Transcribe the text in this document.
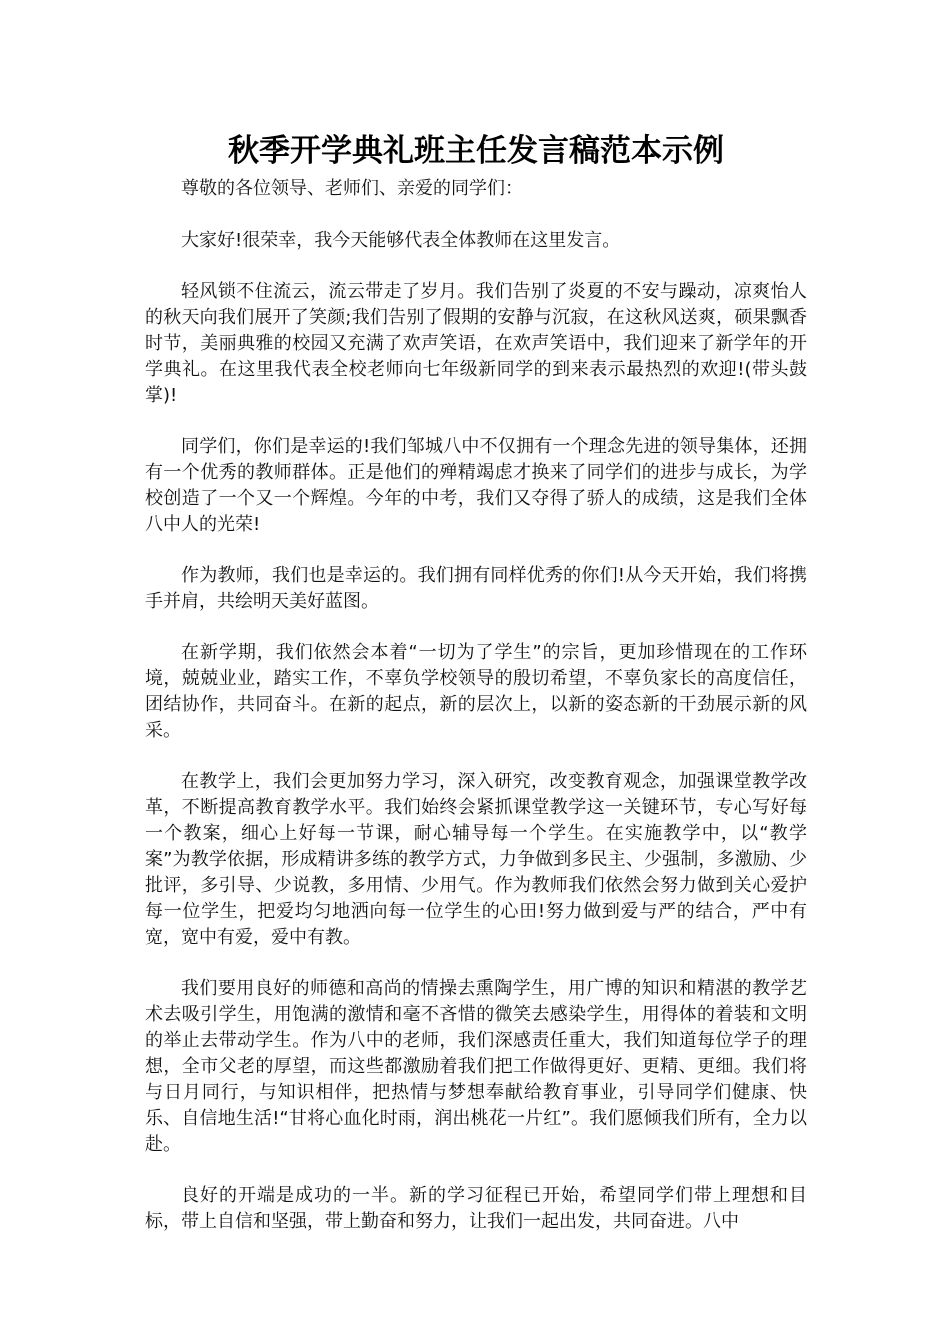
秋季开学典礼班主任发言稿范本示例
尊敬的各位领导、老师们、亲爱的同学们：

大家好!很荣幸，我今天能够代表全体教师在这里发言。

轻风锁不住流云，流云带走了岁月。我们告别了炎夏的不安与躁动，凉爽怡人的秋天向我们展开了笑颜;我们告别了假期的安静与沉寂，在这秋风送爽，硕果飘香时节，美丽典雅的校园又充满了欢声笑语，在欢声笑语中，我们迎来了新学年的开学典礼。在这里我代表全校老师向七年级新同学的到来表示最热烈的欢迎!(带头鼓掌)!

同学们，你们是幸运的!我们邹城八中不仅拥有一个理念先进的领导集体，还拥有一个优秀的教师群体。正是他们的殚精竭虑才换来了同学们的进步与成长，为学校创造了一个又一个辉煌。今年的中考，我们又夺得了骄人的成绩，这是我们全体八中人的光荣!

作为教师，我们也是幸运的。我们拥有同样优秀的你们!从今天开始，我们将携手并肩，共绘明天美好蓝图。

在新学期，我们依然会本着“一切为了学生”的宗旨，更加珍惜现在的工作环境，兢兢业业，踏实工作，不辜负学校领导的殷切希望，不辜负家长的高度信任，团结协作，共同奋斗。在新的起点，新的层次上，以新的姿态新的干劲展示新的风采。

在教学上，我们会更加努力学习，深入研究，改变教育观念，加强课堂教学改革，不断提高教育教学水平。我们始终会紧抓课堂教学这一关键环节，专心写好每一个教案，细心上好每一节课，耐心辅导每一个学生。在实施教学中，以“教学案”为教学依据，形成精讲多练的教学方式，力争做到多民主、少强制，多激励、少批评，多引导、少说教，多用情、少用气。作为教师我们依然会努力做到关心爱护每一位学生，把爱均匀地洒向每一位学生的心田!努力做到爱与严的结合，严中有宽，宽中有爱，爱中有教。

我们要用良好的师德和高尚的情操去熏陶学生，用广博的知识和精湛的教学艺术去吸引学生，用饱满的激情和毫不吝惜的微笑去感染学生，用得体的着装和文明的举止去带动学生。作为八中的老师，我们深感责任重大，我们知道每位学子的理想，全市父老的厚望，而这些都激励着我们把工作做得更好、更精、更细。我们将与日月同行，与知识相伴，把热情与梦想奉献给教育事业，引导同学们健康、快乐、自信地生活!“甘将心血化时雨，润出桃花一片红”。我们愿倾我们所有，全力以赴。

良好的开端是成功的一半。新的学习征程已开始，希望同学们带上理想和目标，带上自信和坚强，带上勤奋和努力，让我们一起出发，共同奋进。八中
